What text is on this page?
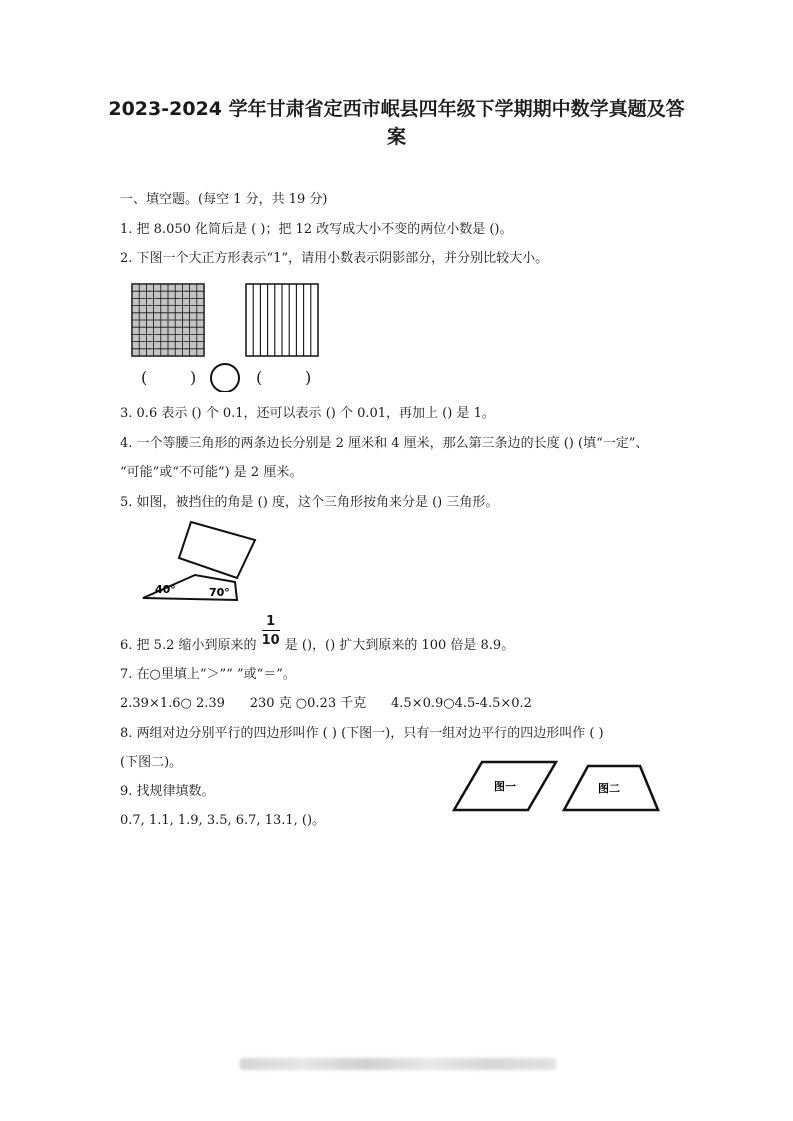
2023-2024 学年甘肃省定西市岷县四年级下学期期中数学真题及答案
一、填空题。(每空 1 分，共 19 分)
1. 把 8.050 化简后是 ( )；把 12 改写成大小不变的两位小数是 ()。
2. 下图一个大正方形表示“1”，请用小数表示阴影部分，并分别比较大小。
(	)	(	)
3. 0.6 表示 () 个 0.1，还可以表示 () 个 0.01，再加上 () 是 1。
4. 一个等腰三角形的两条边长分别是 2 厘米和 4 厘米，那么第三条边的长度 () (填“一定”、
“可能”或“不可能”) 是 2 厘米。
5. 如图，被挡住的角是 () 度，这个三角形按角来分是 () 三角形。
40°	70°
6. 把 5.2 缩小到原来的 $\frac{1}{10}$ 是 ()，() 扩大到原来的 100 倍是 8.9。
7. 在○里填上“＞”“ ”或“＝”。
2.39×1.6○ 2.39      230 克 ○0.23 千克      4.5×0.9○4.5-4.5×0.2
8. 两组对边分别平行的四边形叫作 ( ) (下图一)，只有一组对边平行的四边形叫作 ( )
(下图二)。
图一	图二
9. 找规律填数。
0.7, 1.1, 1.9, 3.5, 6.7, 13.1, ()。
